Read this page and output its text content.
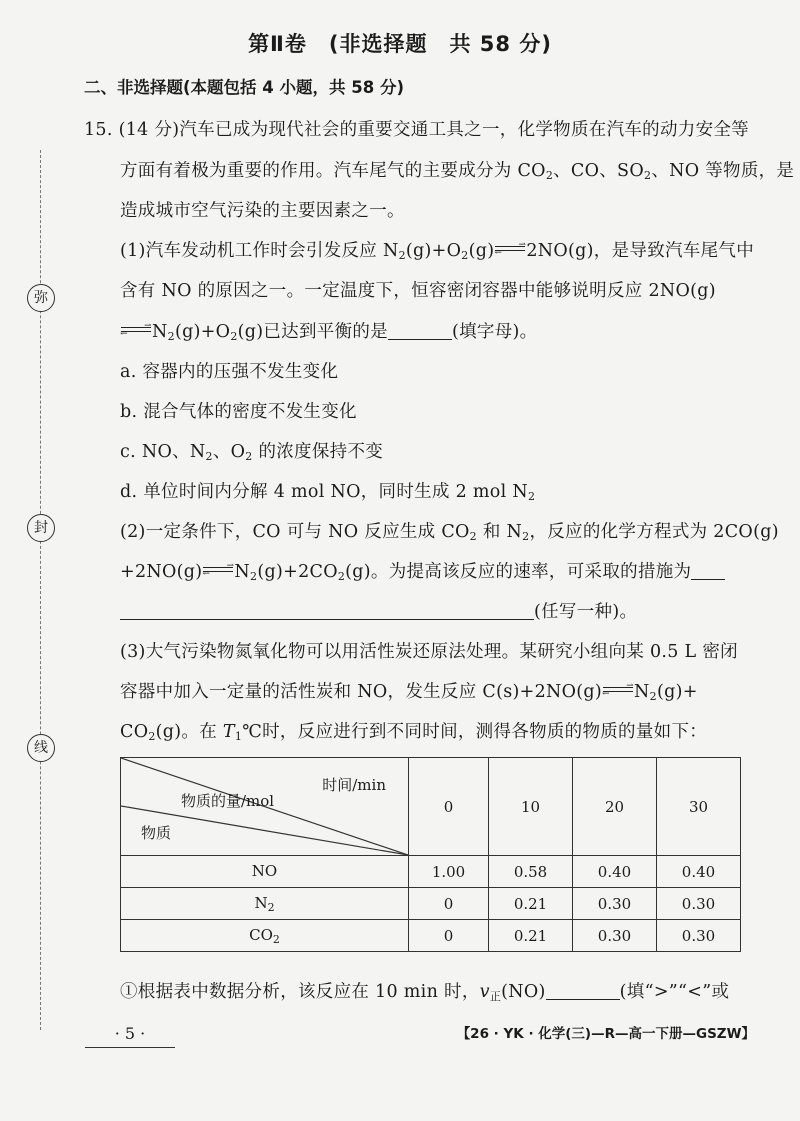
弥
封
线
第Ⅱ卷　(非选择题　共 58 分)
二、非选择题(本题包括 4 小题，共 58 分)
15. (14 分)汽车已成为现代社会的重要交通工具之一，化学物质在汽车的动力安全等
方面有着极为重要的作用。汽车尾气的主要成分为 $CO_2$、CO、$SO_2$、NO 等物质，是
造成城市空气污染的主要因素之一。
(1)汽车发动机工作时会引发反应 $N_2(g)+O_2(g)$	⇀
↽ 2NO(g)，是导致汽车尾气中
含有 NO 的原因之一。一定温度下，恒容密闭容器中能够说明反应 2NO(g)
⇀
↽ $N_2(g)+O_2(g)$已达到平衡的是	(填字母)。
a. 容器内的压强不发生变化
b. 混合气体的密度不发生变化
c. NO、$N_2$、$O_2$ 的浓度保持不变
d. 单位时间内分解 4 mol NO，同时生成 2 mol $N_2$
(2)一定条件下，CO 可与 NO 反应生成 $CO_2$ 和 $N_2$，反应的化学方程式为 2CO(g)
+2NO(g)	⇀
↽ $N_2(g)+2CO_2(g)$。为提高该反应的速率，可采取的措施为
(任写一种)。
(3)大气污染物氮氧化物可以用活性炭还原法处理。某研究小组向某 0.5 L 密闭
容器中加入一定量的活性炭和 NO，发生反应 C(s)+2NO(g)	⇀
↽ $N_2(g)+$
$CO_2(g)$。在 $T_1℃$时，反应进行到不同时间，测得各物质的物质的量如下：
时间/min
物质的量/mol
物质	0	10	20	30
NO	1.00	0.58	0.40	0.40
$N_2$	0	0.21	0.30	0.30
$CO_2$	0	0.21	0.30	0.30
①根据表中数据分析，该反应在 10 min 时，$v_正(NO)$	(填“>”“<”或
· 5 ·	【26 · YK · 化学(三)—R—高一下册—GSZW】
